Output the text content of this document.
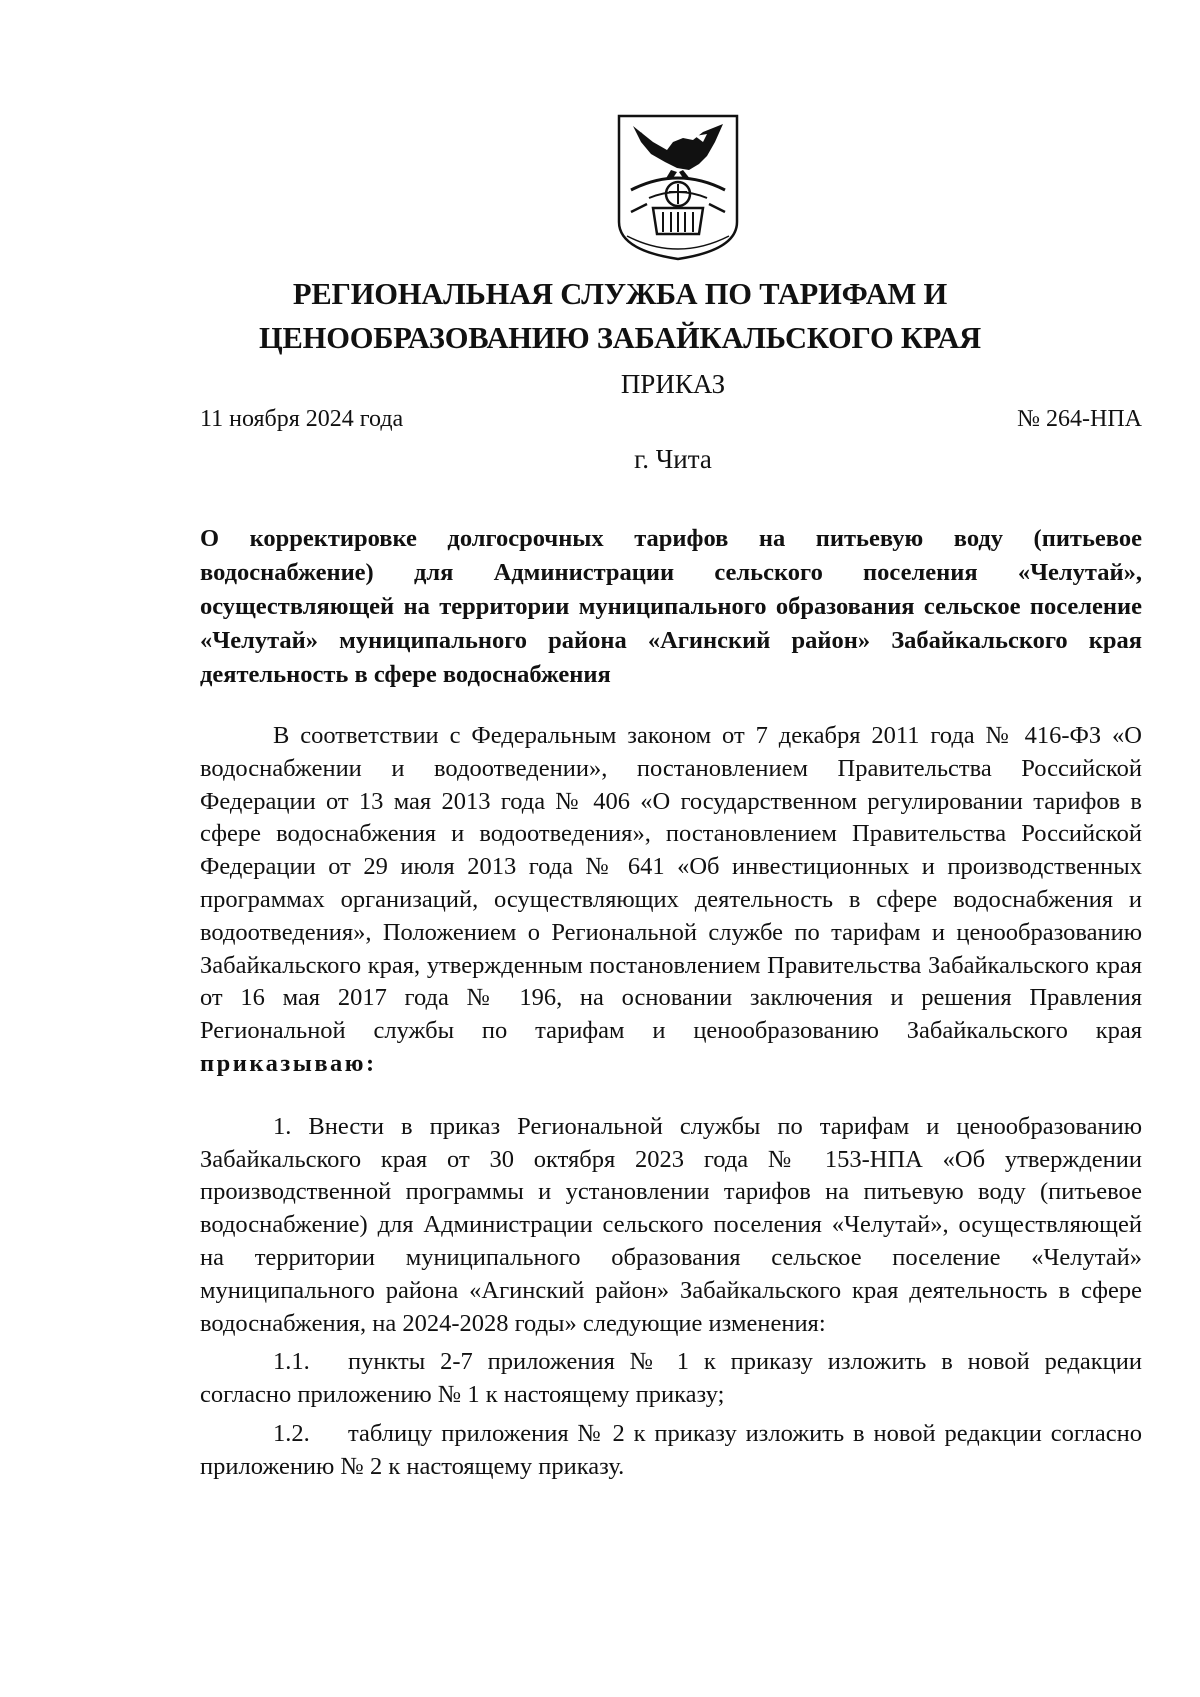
РЕГИОНАЛЬНАЯ СЛУЖБА ПО ТАРИФАМ И
ЦЕНООБРАЗОВАНИЮ ЗАБАЙКАЛЬСКОГО КРАЯ
ПРИКАЗ
11 ноября 2024 года	№ 264-НПА
г. Чита
О корректировке долгосрочных тарифов на питьевую воду (питьевое водоснабжение) для Администрации сельского поселения «Челутай», осуществляющей на территории муниципального образования сельское поселение «Челутай» муниципального района «Агинский район» Забайкальского края деятельность в сфере водоснабжения

В соответствии с Федеральным законом от 7 декабря 2011 года № 416-ФЗ «О водоснабжении и водоотведении», постановлением Правительства Российской Федерации от 13 мая 2013 года № 406 «О государственном регулировании тарифов в сфере водоснабжения и водоотведения», постановлением Правительства Российской Федерации от 29 июля 2013 года № 641 «Об инвестиционных и производственных программах организаций, осуществляющих деятельность в сфере водоснабжения и водоотведения», Положением о Региональной службе по тарифам и ценообразованию Забайкальского края, утвержденным постановлением Правительства Забайкальского края от 16 мая 2017 года № 196, на основании заключения и решения Правления Региональной службы по тарифам и ценообразованию Забайкальского края приказываю:

1. Внести в приказ Региональной службы по тарифам и ценообразованию Забайкальского края от 30 октября 2023 года № 153-НПА «Об утверждении производственной программы и установлении тарифов на питьевую воду (питьевое водоснабжение) для Администрации сельского поселения «Челутай», осуществляющей на территории муниципального образования сельское поселение «Челутай» муниципального района «Агинский район» Забайкальского края деятельность в сфере водоснабжения, на 2024-2028 годы» следующие изменения:

1.1. пункты 2-7 приложения № 1 к приказу изложить в новой редакции согласно приложению № 1 к настоящему приказу;

1.2. таблицу приложения № 2 к приказу изложить в новой редакции согласно приложению № 2 к настоящему приказу.
